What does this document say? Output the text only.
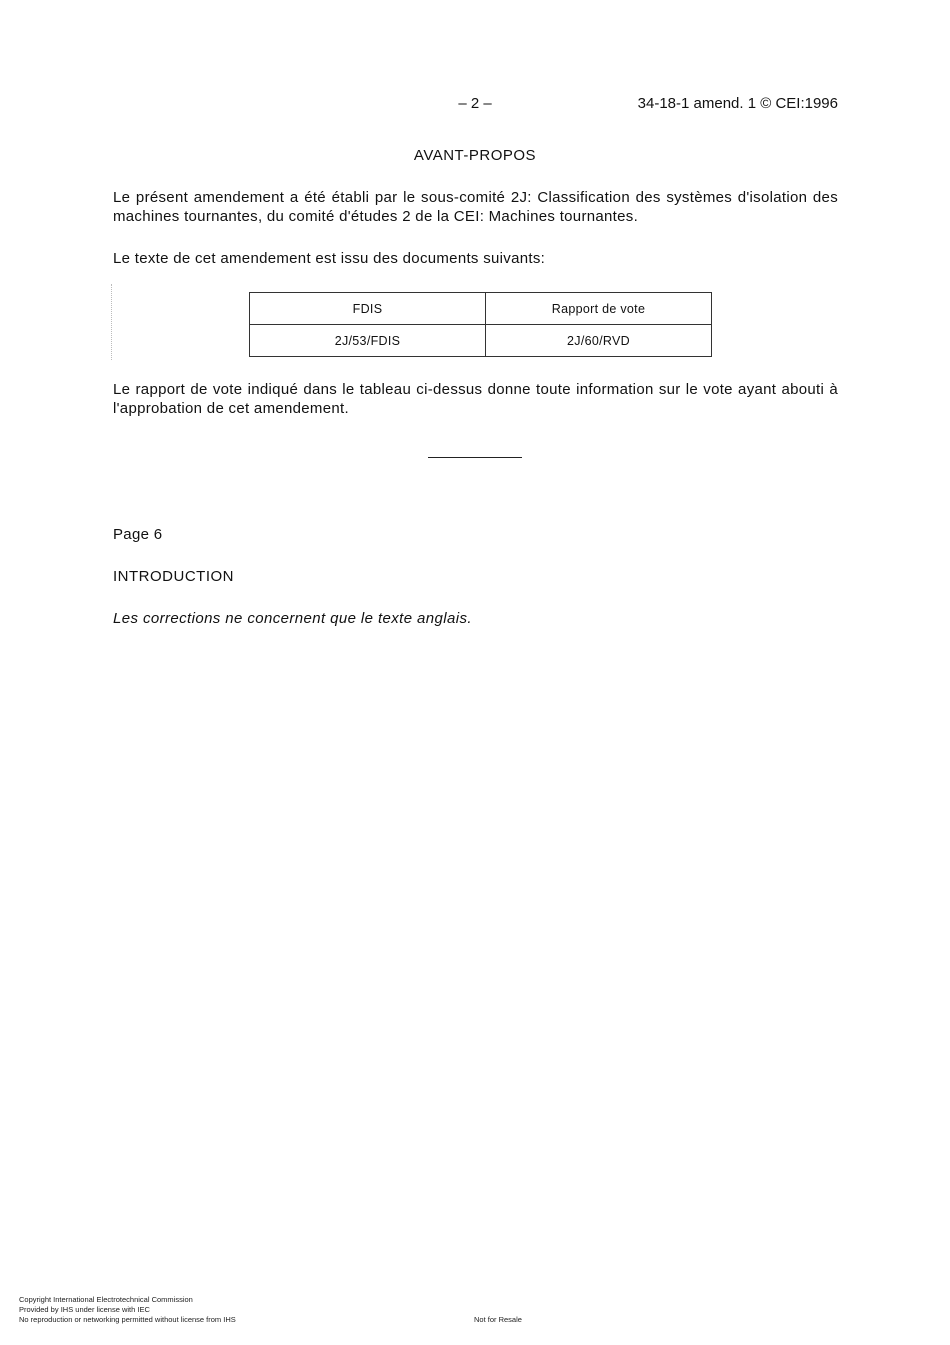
– 2 –	34-18-1 amend. 1 © CEI:1996
AVANT-PROPOS
Le présent amendement a été établi par le sous-comité 2J: Classification des systèmes d'isolation des machines tournantes, du comité d'études 2 de la CEI: Machines tournantes.
Le texte de cet amendement est issu des documents suivants:
FDIS	Rapport de vote
2J/53/FDIS	2J/60/RVD
Le rapport de vote indiqué dans le tableau ci-dessus donne toute information sur le vote ayant abouti à l'approbation de cet amendement.
Page 6
INTRODUCTION
Les corrections ne concernent que le texte anglais.
Copyright International Electrotechnical Commission
Provided by IHS under license with IEC
No reproduction or networking permitted without license from IHS	Not for Resale
